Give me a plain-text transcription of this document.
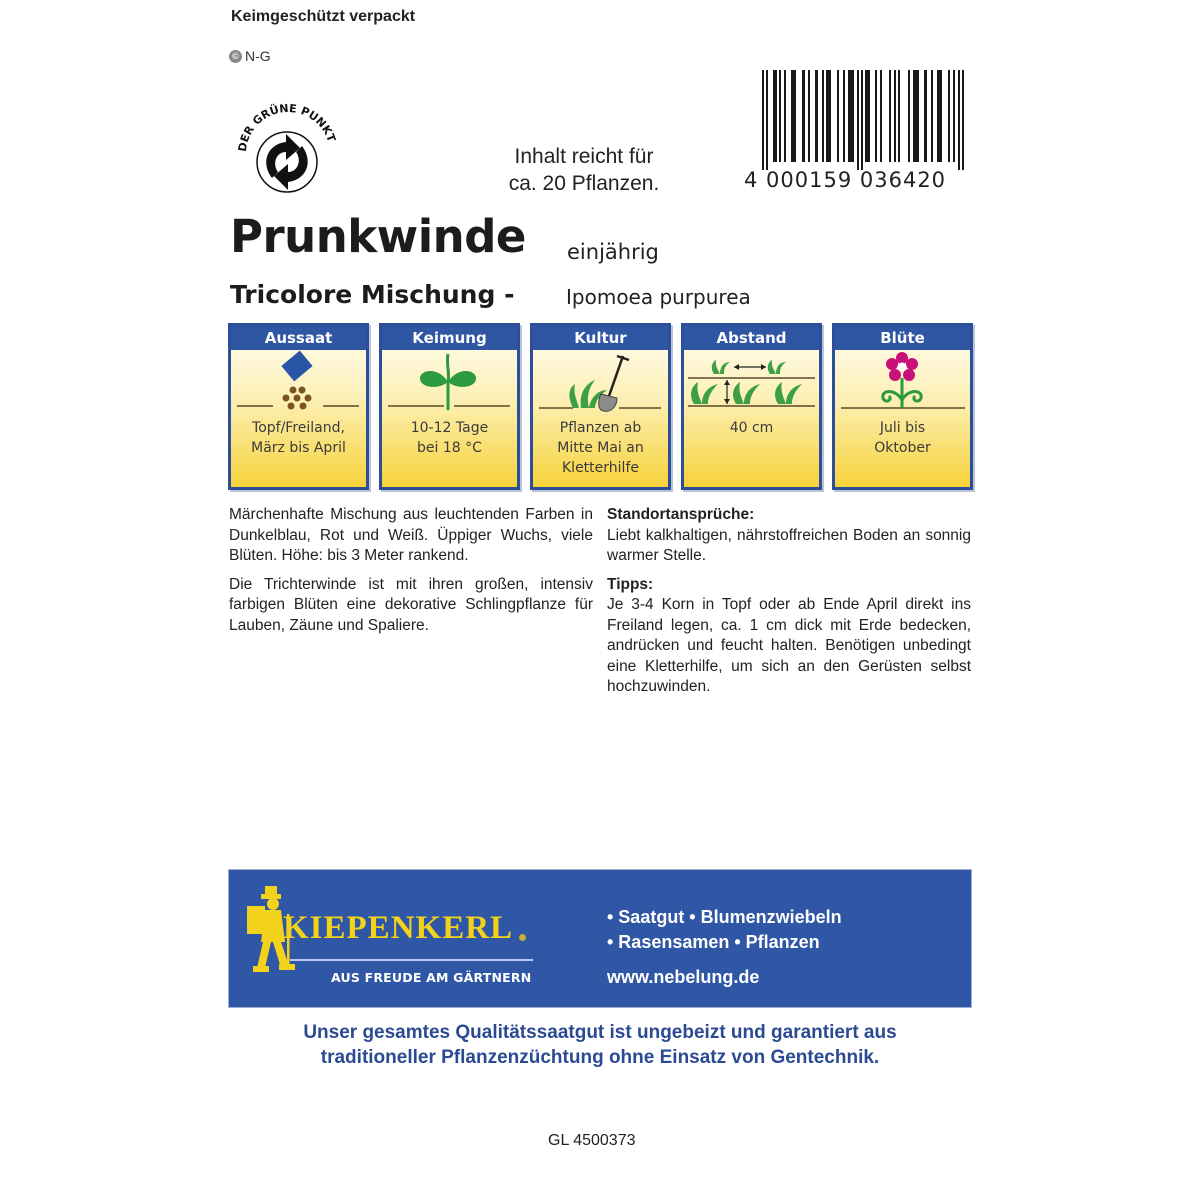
Keimgeschützt verpackt
© N-G
DER GRÜNE PUNKT
Inhalt reicht für
ca. 20 Pflanzen.	4 000159 036420
Prunkwinde einjährig
Tricolore Mischung -	Ipomoea purpurea
Aussaat
Topf/Freiland,
März bis April
Keimung
10-12 Tage
bei 18 °C
Kultur
Pflanzen ab
Mitte Mai an
Kletterhilfe
Abstand
40 cm
Blüte
Juli bis
Oktober

Märchenhafte Mischung aus leuchtenden Farben in Dunkelblau, Rot und Weiß. Üppiger Wuchs, viele Blüten. Höhe: bis 3 Meter rankend.

Die Trichterwinde ist mit ihren großen, intensiv farbigen Blüten eine dekorative Schlingpflanze für Lauben, Zäune und Spaliere.

Standortansprüche:

Liebt kalkhaltigen, nährstoffreichen Boden an sonnig warmer Stelle.

Tipps:

Je 3-4 Korn in Topf oder ab Ende April direkt ins Freiland legen, ca. 1 cm dick mit Erde bedecken, andrücken und feucht halten. Benötigen unbedingt eine Kletterhilfe, um sich an den Gerüsten selbst hochzuwinden.

KIEPENKERL
AUS FREUDE AM GÄRTNERN
• Saatgut • Blumenzwiebeln
• Rasensamen • Pflanzen
www.nebelung.de
Unser gesamtes Qualitätssaatgut ist ungebeizt und garantiert aus
traditioneller Pflanzenzüchtung ohne Einsatz von Gentechnik.
GL 4500373
